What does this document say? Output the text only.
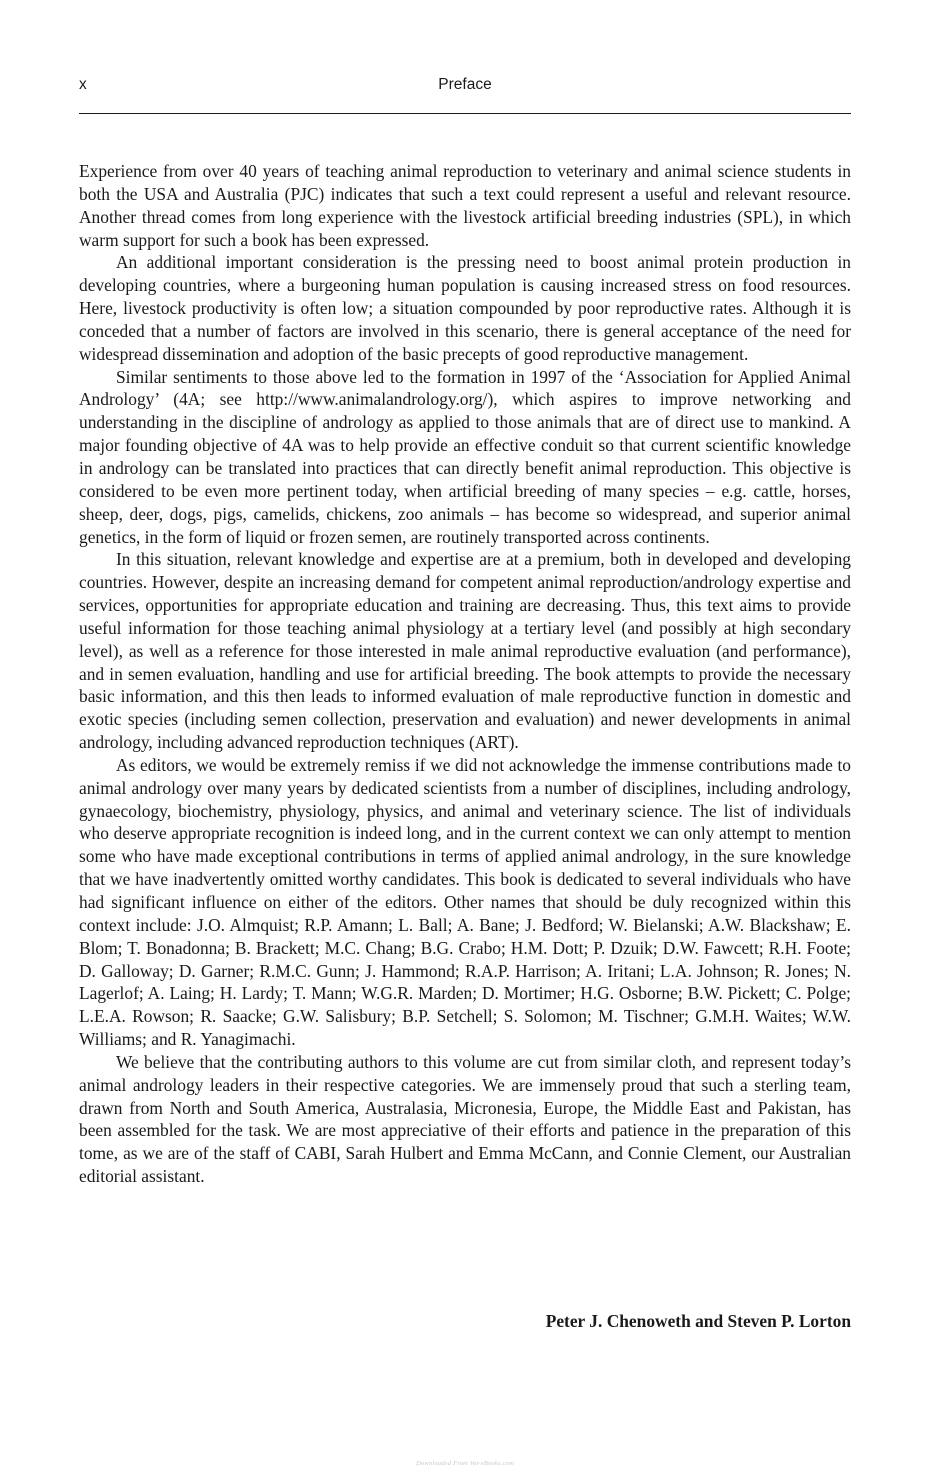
x	Preface

Experience from over 40 years of teaching animal reproduction to veterinary and animal science students in both the USA and Australia (PJC) indicates that such a text could represent a useful and relevant resource. Another thread comes from long experience with the livestock artificial breeding industries (SPL), in which warm support for such a book has been expressed.

An additional important consideration is the pressing need to boost animal protein production in developing countries, where a burgeoning human population is causing increased stress on food resources. Here, livestock productivity is often low; a situation compounded by poor reproductive rates. Although it is conceded that a number of factors are involved in this scenario, there is general acceptance of the need for widespread dissemination and adoption of the basic precepts of good reproductive management.

Similar sentiments to those above led to the formation in 1997 of the ‘Association for Applied Animal Andrology’ (4A; see http://www.animalandrology.org/), which aspires to improve networking and understanding in the discipline of andrology as applied to those animals that are of direct use to mankind. A major founding objective of 4A was to help provide an effective conduit so that current scientific knowledge in andrology can be translated into practices that can directly benefit animal reproduction. This objective is considered to be even more pertinent today, when artificial breeding of many species – e.g. cattle, horses, sheep, deer, dogs, pigs, camelids, chickens, zoo animals – has become so widespread, and superior animal genetics, in the form of liquid or frozen semen, are routinely transported across continents.

In this situation, relevant knowledge and expertise are at a premium, both in developed and developing countries. However, despite an increasing demand for competent animal reproduction/andrology expertise and services, opportunities for appropriate education and training are decreasing. Thus, this text aims to provide useful information for those teaching animal physiology at a tertiary level (and possibly at high secondary level), as well as a reference for those interested in male animal reproductive evaluation (and performance), and in semen evaluation, handling and use for artificial breeding. The book attempts to provide the necessary basic information, and this then leads to informed evaluation of male reproductive function in domestic and exotic species (including semen collection, preservation and evaluation) and newer developments in animal andrology, including advanced reproduction techniques (ART).

As editors, we would be extremely remiss if we did not acknowledge the immense contributions made to animal andrology over many years by dedicated scientists from a number of disciplines, including andrology, gynaecology, biochemistry, physiology, physics, and animal and veterinary science. The list of individuals who deserve appropriate recognition is indeed long, and in the current context we can only attempt to mention some who have made exceptional contributions in terms of applied animal andrology, in the sure knowledge that we have inadvertently omitted worthy candidates. This book is dedicated to several individuals who have had significant influence on either of the editors. Other names that should be duly recognized within this context include: J.O. Almquist; R.P. Amann; L. Ball; A. Bane; J. Bedford; W. Bielanski; A.W. Blackshaw; E. Blom; T. Bonadonna; B. Brackett; M.C. Chang; B.G. Crabo; H.M. Dott; P. Dzuik; D.W. Fawcett; R.H. Foote; D. Galloway; D. Garner; R.M.C. Gunn; J. Hammond; R.A.P. Harrison; A. Iritani; L.A. Johnson; R. Jones; N. Lagerlof; A. Laing; H. Lardy; T. Mann; W.G.R. Marden; D. Mortimer; H.G. Osborne; B.W. Pickett; C. Polge; L.E.A. Rowson; R. Saacke; G.W. Salisbury; B.P. Setchell; S. Solomon; M. Tischner; G.M.H. Waites; W.W. Williams; and R. Yanagimachi.

We believe that the contributing authors to this volume are cut from similar cloth, and represent today’s animal andrology leaders in their respective categories. We are immensely proud that such a sterling team, drawn from North and South America, Australasia, Micronesia, Europe, the Middle East and Pakistan, has been assembled for the task. We are most appreciative of their efforts and patience in the preparation of this tome, as we are of the staff of CABI, Sarah Hulbert and Emma McCann, and Connie Clement, our Australian editorial assistant.

Peter J. Chenoweth and Steven P. Lorton
Downloaded From Vet-eBooks.com
